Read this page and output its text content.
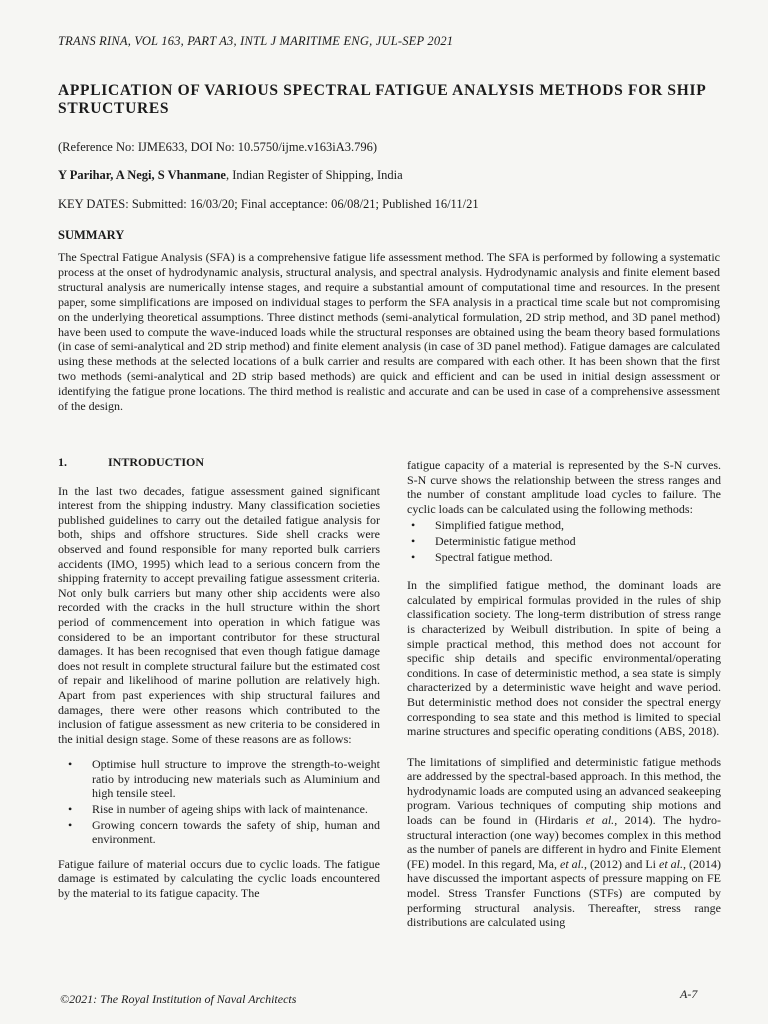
TRANS RINA, VOL 163, PART A3, INTL J MARITIME ENG, JUL-SEP 2021
APPLICATION OF VARIOUS SPECTRAL FATIGUE ANALYSIS METHODS FOR SHIP STRUCTURES
(Reference No: IJME633, DOI No: 10.5750/ijme.v163iA3.796)
Y Parihar, A Negi, S Vhanmane, Indian Register of Shipping, India
KEY DATES: Submitted: 16/03/20; Final acceptance: 06/08/21; Published 16/11/21
SUMMARY

The Spectral Fatigue Analysis (SFA) is a comprehensive fatigue life assessment method. The SFA is performed by following a systematic process at the onset of hydrodynamic analysis, structural analysis, and spectral analysis. Hydrodynamic analysis and finite element based structural analysis are numerically intense stages, and require a substantial amount of computational time and resources. In the present paper, some simplifications are imposed on individual stages to perform the SFA analysis in a practical time scale but not compromising on the underlying theoretical assumptions. Three distinct methods (semi-analytical formulation, 2D strip method, and 3D panel method) have been used to compute the wave-induced loads while the structural responses are obtained using the beam theory based formulations (in case of semi-analytical and 2D strip method) and finite element analysis (in case of 3D panel method). Fatigue damages are calculated using these methods at the selected locations of a bulk carrier and results are compared with each other. It has been shown that the first two methods (semi-analytical and 2D strip based methods) are quick and efficient and can be used in initial design assessment or identifying the fatigue prone locations. The third method is realistic and accurate and can be used in case of a comprehensive assessment of the design.

1.	INTRODUCTION

In the last two decades, fatigue assessment gained significant interest from the shipping industry. Many classification societies published guidelines to carry out the detailed fatigue analysis for both, ships and offshore structures. Side shell cracks were observed and found responsible for many reported bulk carriers accidents (IMO, 1995) which lead to a serious concern from the shipping fraternity to accept prevailing fatigue assessment criteria. Not only bulk carriers but many other ship accidents were also recorded with the cracks in the hull structure within the short period of commencement into operation in which fatigue was considered to be an important contributor for these structural damages. It has been recognised that even though fatigue damage does not result in complete structural failure but the estimated cost of repair and likelihood of marine pollution are relatively high. Apart from past experiences with ship structural failures and damages, there were other reasons which contributed to the inclusion of fatigue assessment as new criteria to be considered in the initial design stage. Some of these reasons are as follows:

• Optimise hull structure to improve the strength-to-weight ratio by introducing new materials such as Aluminium and high tensile steel.
• Rise in number of ageing ships with lack of maintenance.
• Growing concern towards the safety of ship, human and environment.

Fatigue failure of material occurs due to cyclic loads. The fatigue damage is estimated by calculating the cyclic loads encountered by the material to its fatigue capacity. The

fatigue capacity of a material is represented by the S-N curves. S-N curve shows the relationship between the stress ranges and the number of constant amplitude load cycles to failure. The cyclic loads can be calculated using the following methods:

• Simplified fatigue method,
• Deterministic fatigue method
• Spectral fatigue method.

In the simplified fatigue method, the dominant loads are calculated by empirical formulas provided in the rules of ship classification society. The long-term distribution of stress range is characterized by Weibull distribution. In spite of being a simple practical method, this method does not account for specific ship details and specific environmental/operating conditions. In case of deterministic method, a sea state is simply characterized by a deterministic wave height and wave period. But deterministic method does not consider the spectral energy corresponding to sea state and this method is limited to special marine structures and specific operating conditions (ABS, 2018).

The limitations of simplified and deterministic fatigue methods are addressed by the spectral-based approach. In this method, the hydrodynamic loads are computed using an advanced seakeeping program. Various techniques of computing ship motions and loads can be found in (Hirdaris et al., 2014). The hydro-structural interaction (one way) becomes complex in this method as the number of panels are different in hydro and Finite Element (FE) model. In this regard, Ma, et al., (2012) and Li et al., (2014) have discussed the important aspects of pressure mapping on FE model. Stress Transfer Functions (STFs) are computed by performing structural analysis. Thereafter, stress range distributions are calculated using

©2021: The Royal Institution of Naval Architects	A-7
